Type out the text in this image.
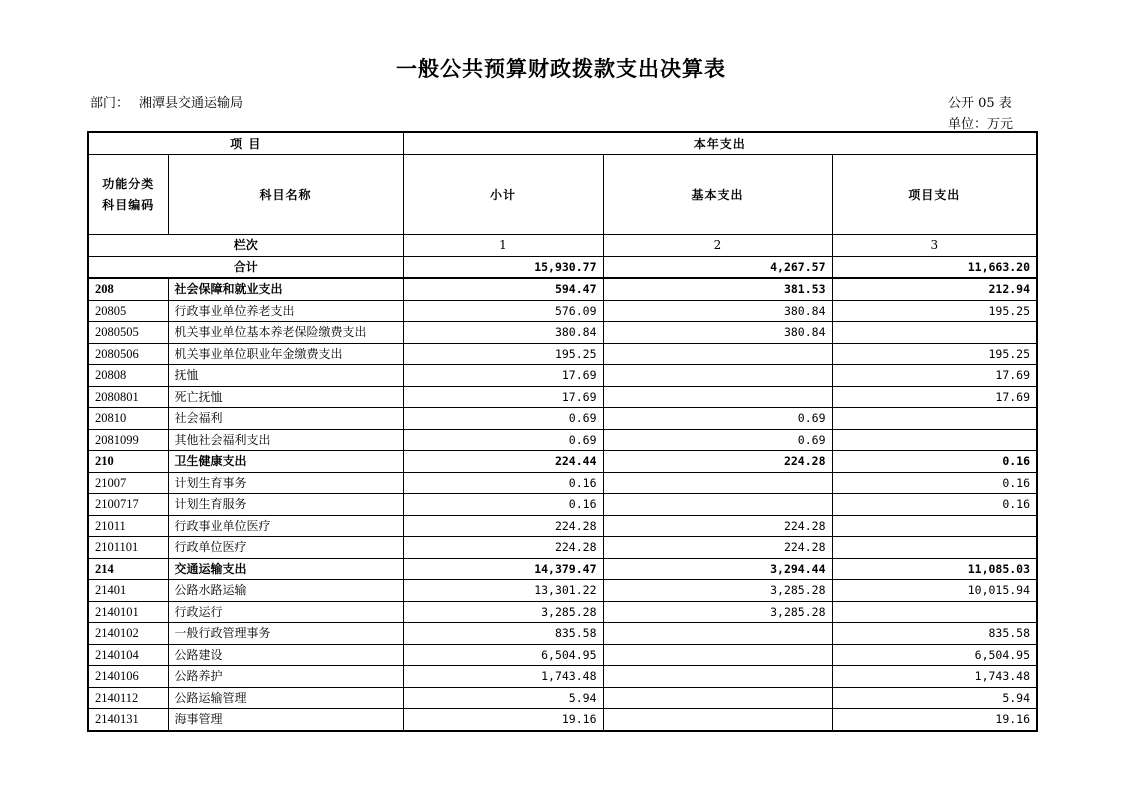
一般公共预算财政拨款支出决算表
部门： 湘潭县交通运输局	公开 05 表
单位：万元
项 目		本年支出		
功能分类
科目编码	科目名称	小计	基本支出	项目支出
栏次		1	2	3
合计		15,930.77	4,267.57	11,663.20
208	社会保障和就业支出	594.47	381.53	212.94
20805	行政事业单位养老支出	576.09	380.84	195.25
2080505	机关事业单位基本养老保险缴费支出	380.84	380.84	
2080506	机关事业单位职业年金缴费支出	195.25		195.25
20808	抚恤	17.69		17.69
2080801	死亡抚恤	17.69		17.69
20810	社会福利	0.69	0.69	
2081099	其他社会福利支出	0.69	0.69	
210	卫生健康支出	224.44	224.28	0.16
21007	计划生育事务	0.16		0.16
2100717	计划生育服务	0.16		0.16
21011	行政事业单位医疗	224.28	224.28	
2101101	行政单位医疗	224.28	224.28	
214	交通运输支出	14,379.47	3,294.44	11,085.03
21401	公路水路运输	13,301.22	3,285.28	10,015.94
2140101	行政运行	3,285.28	3,285.28	
2140102	一般行政管理事务	835.58		835.58
2140104	公路建设	6,504.95		6,504.95
2140106	公路养护	1,743.48		1,743.48
2140112	公路运输管理	5.94		5.94
2140131	海事管理	19.16		19.16
